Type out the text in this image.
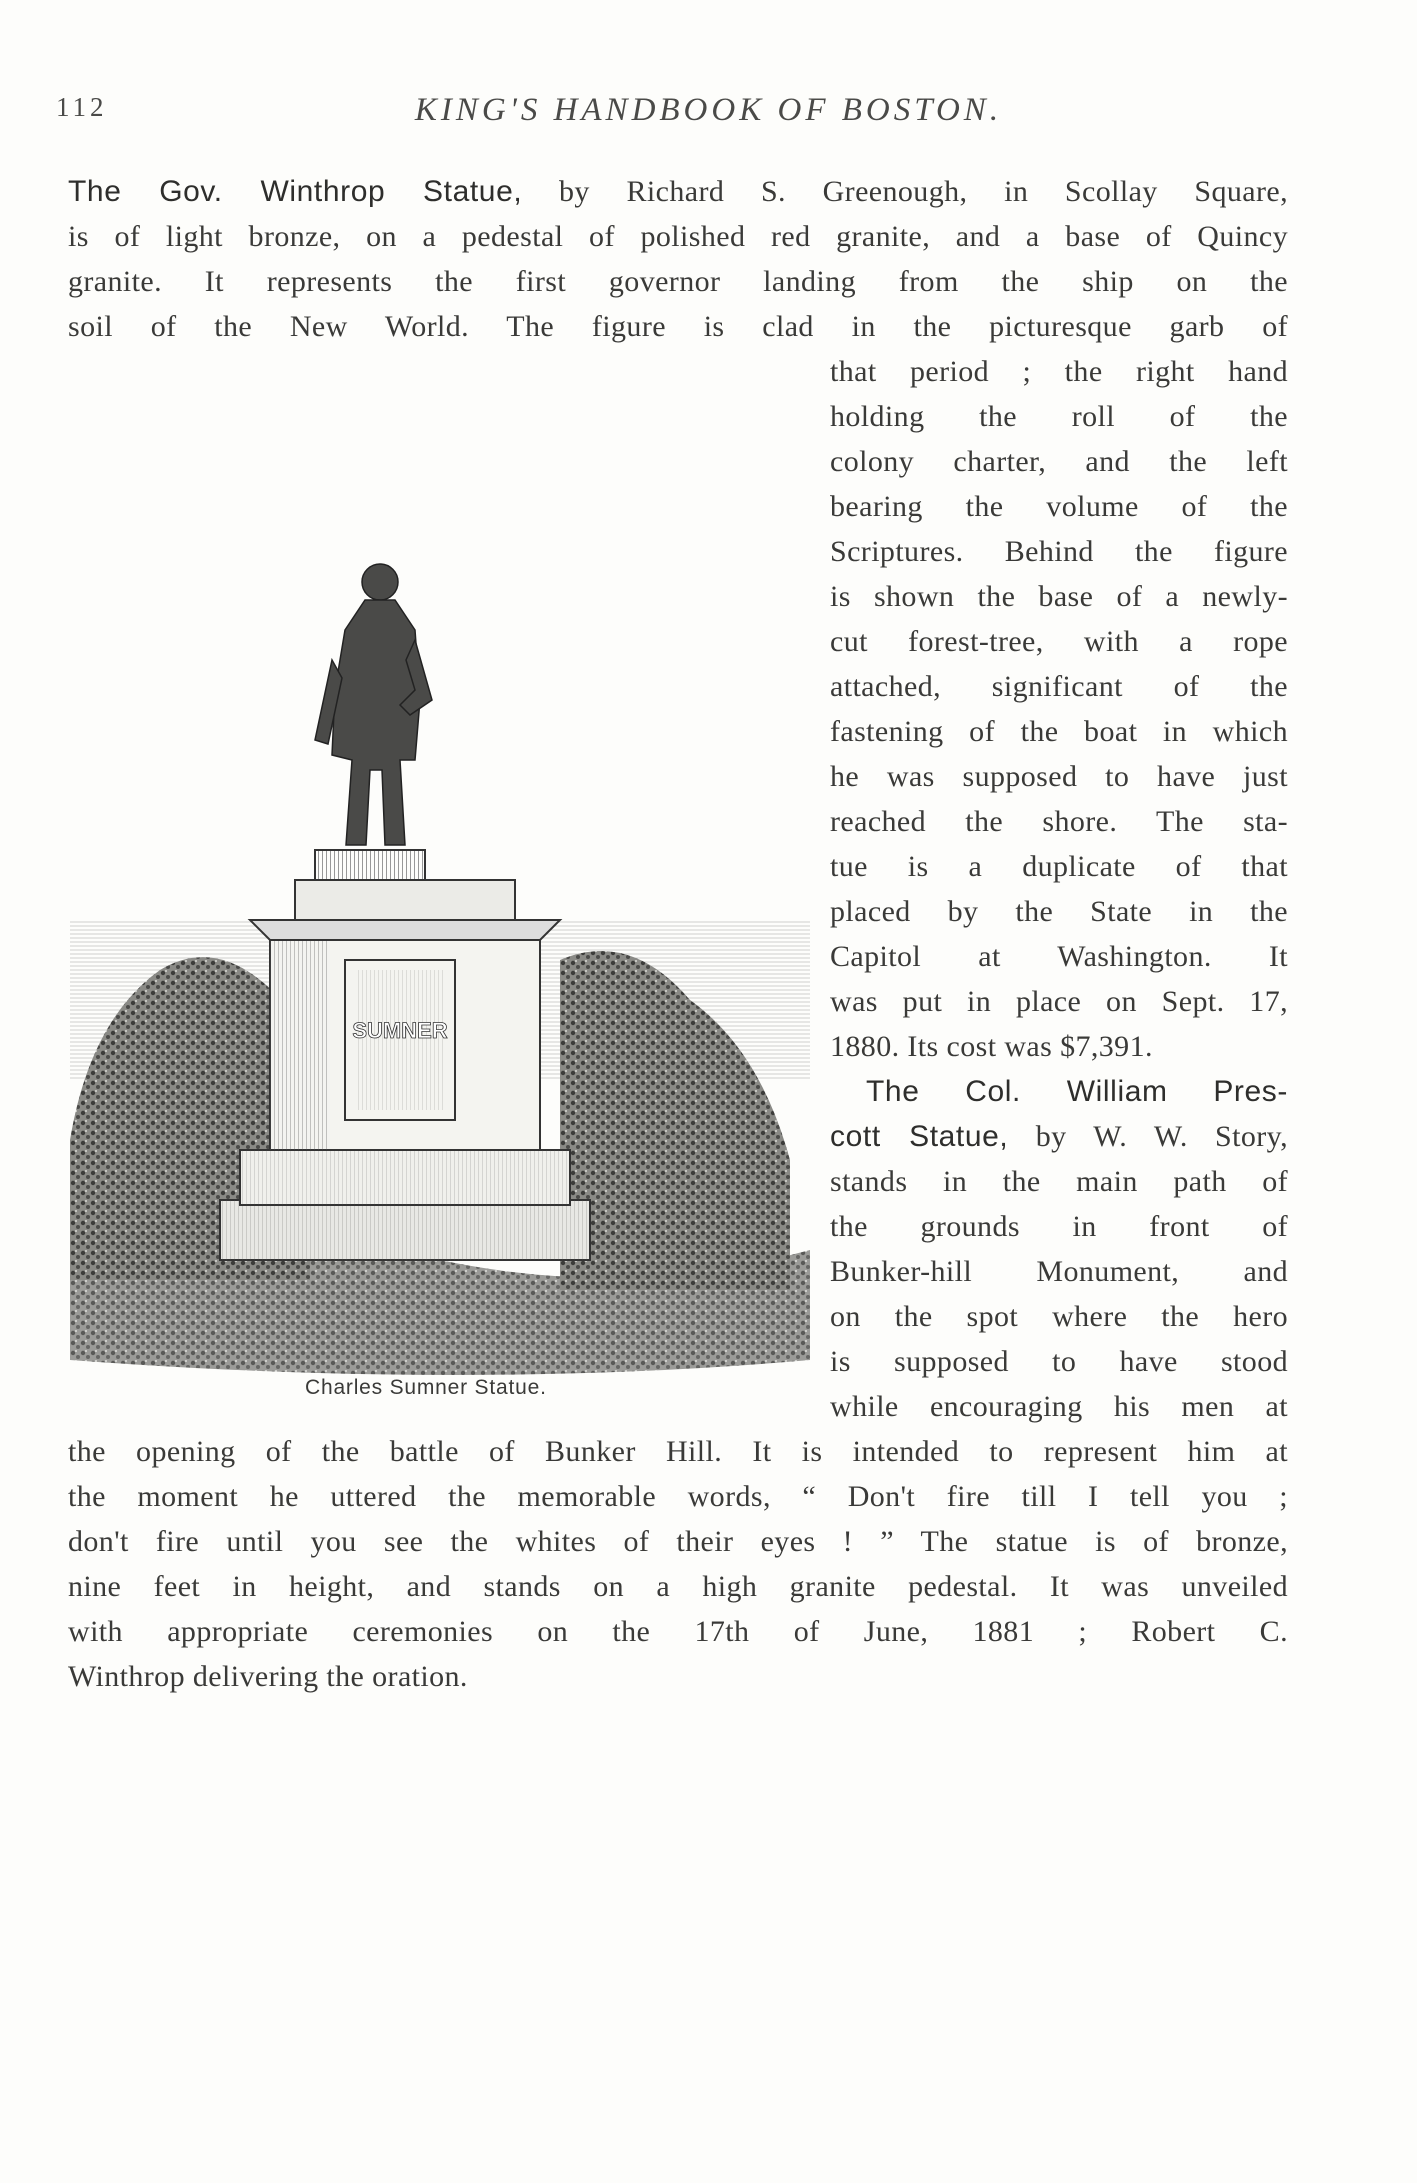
112	KING'S HANDBOOK OF BOSTON.
The Gov. Winthrop Statue, by Richard S. Greenough, in Scollay Square,
is of light bronze, on a pedestal of polished red granite, and a base of Quincy
granite. It represents the first governor landing from the ship on the
soil of the New World. The figure is clad in the picturesque garb of
that period ; the right hand
holding the roll of the
colony charter, and the left
bearing the volume of the
Scriptures. Behind the figure
is shown the base of a newly-
cut forest-tree, with a rope
attached, significant of the
fastening of the boat in which
he was supposed to have just
reached the shore. The sta-
tue is a duplicate of that
placed by the State in the
Capitol at Washington. It
was put in place on Sept. 17,
1880. Its cost was $7,391.
The Col. William Pres-
cott Statue, by W. W. Story,
stands in the main path of
the grounds in front of
Bunker-hill Monument, and
on the spot where the hero
is supposed to have stood
while encouraging his men at
the opening of the battle of Bunker Hill. It is intended to represent him at
the moment he uttered the memorable words, “ Don't fire till I tell you ;
don't fire until you see the whites of their eyes ! ” The statue is of bronze,
nine feet in height, and stands on a high granite pedestal. It was unveiled
with appropriate ceremonies on the 17th of June, 1881 ; Robert C.
Winthrop delivering the oration.
SUMNER
Charles Sumner Statue.
